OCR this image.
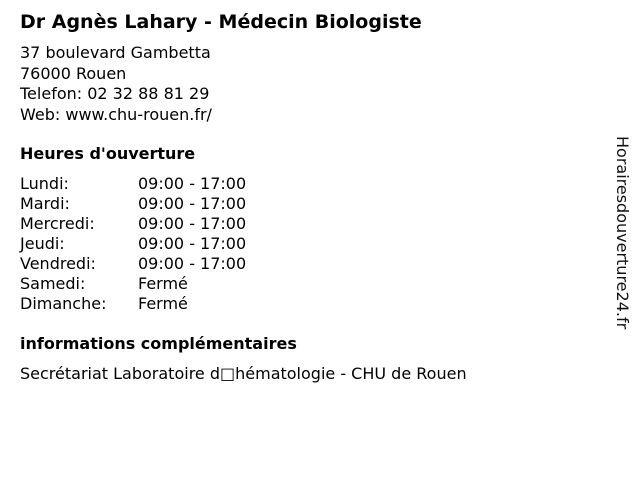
Dr Agnès Lahary - Médecin Biologiste
37 boulevard Gambetta
76000 Rouen
Telefon: 02 32 88 81 29
Web: www.chu-rouen.fr/
Heures d'ouverture
Lundi:	09:00 - 17:00
Mardi:	09:00 - 17:00
Mercredi:	09:00 - 17:00
Jeudi:	09:00 - 17:00
Vendredi:	09:00 - 17:00
Samedi:	Fermé
Dimanche:	Fermé
informations complémentaires
Secrétariat Laboratoire d□hématologie - CHU de Rouen
Horairesdouverture24.fr
